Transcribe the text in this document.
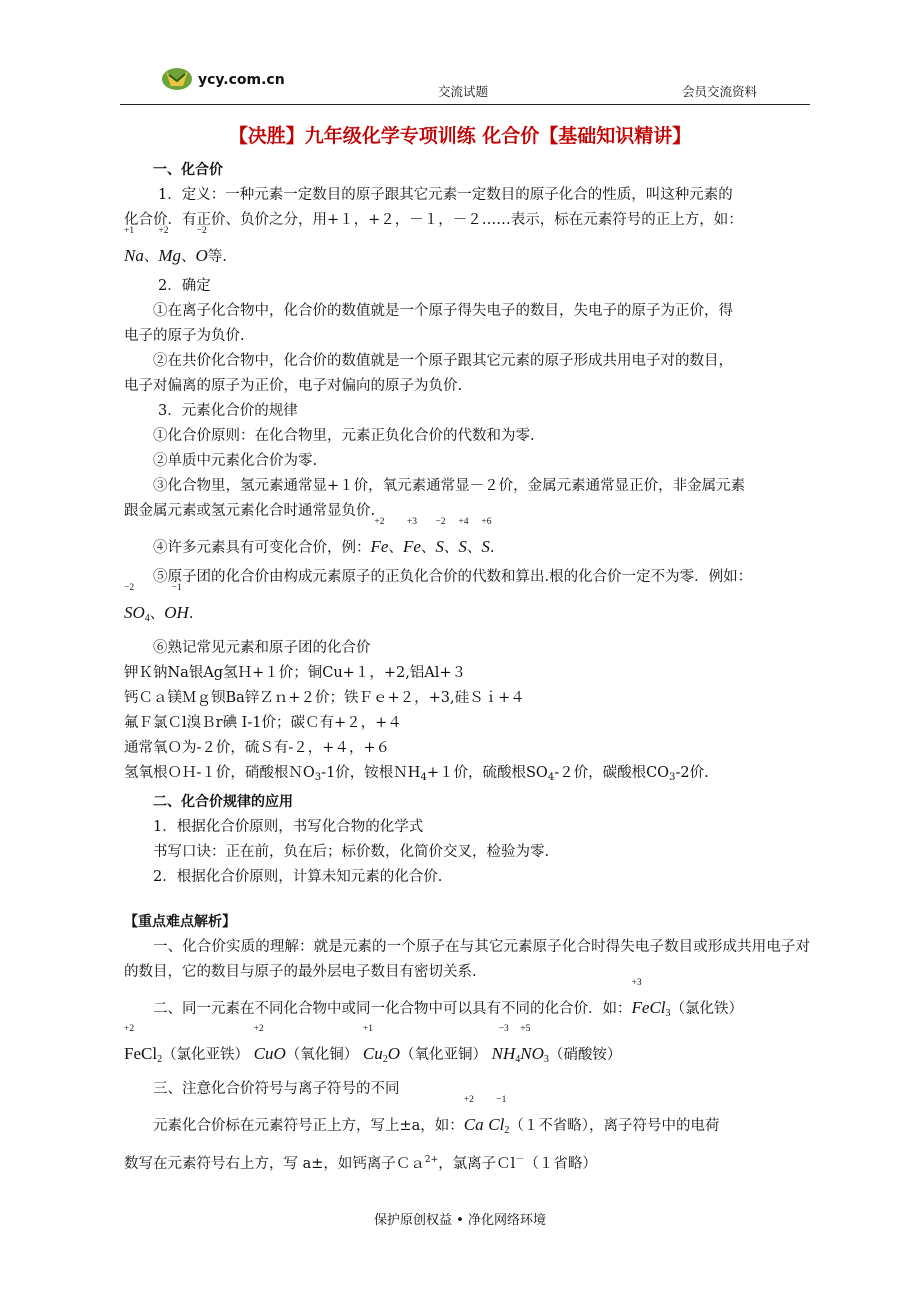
ycy.com.cn
交流试题	会员交流资料
【决胜】九年级化学专项训练 化合价【基础知识精讲】

一、化合价

1．定义：一种元素一定数目的原子跟其它元素一定数目的原子化合的性质，叫这种元素的

化合价．有正价、负价之分，用+１，+２，－１，－２……表示，标在元素符号的正上方，如：

+1
Na、
+2
Mg、
−2
O等.

2．确定

①在离子化合物中，化合价的数值就是一个原子得失电子的数目，失电子的原子为正价，得

电子的原子为负价.

②在共价化合物中，化合价的数值就是一个原子跟其它元素的原子形成共用电子对的数目，

电子对偏离的原子为正价，电子对偏向的原子为负价.

3．元素化合价的规律

①化合价原则：在化合物里，元素正负化合价的代数和为零.

②单质中元素化合价为零.

③化合物里，氢元素通常显+１价，氧元素通常显－２价，金属元素通常显正价，非金属元素

跟金属元素或氢元素化合时通常显负价.

④许多元素具有可变化合价，例：
+2
Fe、
+3
Fe、
−2
S、
+4
S、
+6
S.

⑤原子团的化合价由构成元素原子的正负化合价的代数和算出.根的化合价一定不为零．例如：

−2
$SO_4$、
−1
OH.

⑥熟记常见元素和原子团的化合价

钾Ｋ钠Na银Ag氢Ｈ+１价；铜Cu+１，+2,铝Al+３

钙Ｃａ镁Ｍｇ钡Ba锌Ｚｎ+２价；铁Ｆｅ+２，+3,硅Ｓｉ+４

氟Ｆ氯Ｃl溴Ｂr碘 I-1价；碳Ｃ有+２，+４

通常氧Ｏ为-２价，硫Ｓ有-２，+４，+６

氢氧根ＯＨ-１价，硝酸根ＮO$_3$-1价，铵根ＮH$_4$+１价，硫酸根$SO_4-2$价，碳酸根$CO_3-2$价.

二、化合价规律的应用

1．根据化合价原则，书写化合物的化学式

书写口诀：正在前，负在后；标价数，化简价交叉，检验为零.

2．根据化合价原则，计算未知元素的化合价.

【重点难点解析】

一、化合价实质的理解：就是元素的一个原子在与其它元素原子化合时得失电子数目或形成共用电子对的数目，它的数目与原子的最外层电子数目有密切关系.

二、同一元素在不同化合物中或同一化合物中可以具有不同的化合价．如：
+3
FeCl$_3$（氯化铁）

+2
FeCl$_2$（氯化亚铁）
+2
CuO（氧化铜）
+1
$Cu_2O$（氧化亚铜）
−3
$NH_4$
+5
$NO_3$（硝酸铵）

三、注意化合价符号与离子符号的不同

元素化合价标在元素符号正上方，写上±a，如：
+2
Ca
−1
$Cl_2(1$不省略），离子符号中的电荷

数写在元素符号右上方，写 a±，如钙离子Ｃａ$^{2+}$，氯离子Ｃl－（１省略）

保护原创权益 • 净化网络环境
